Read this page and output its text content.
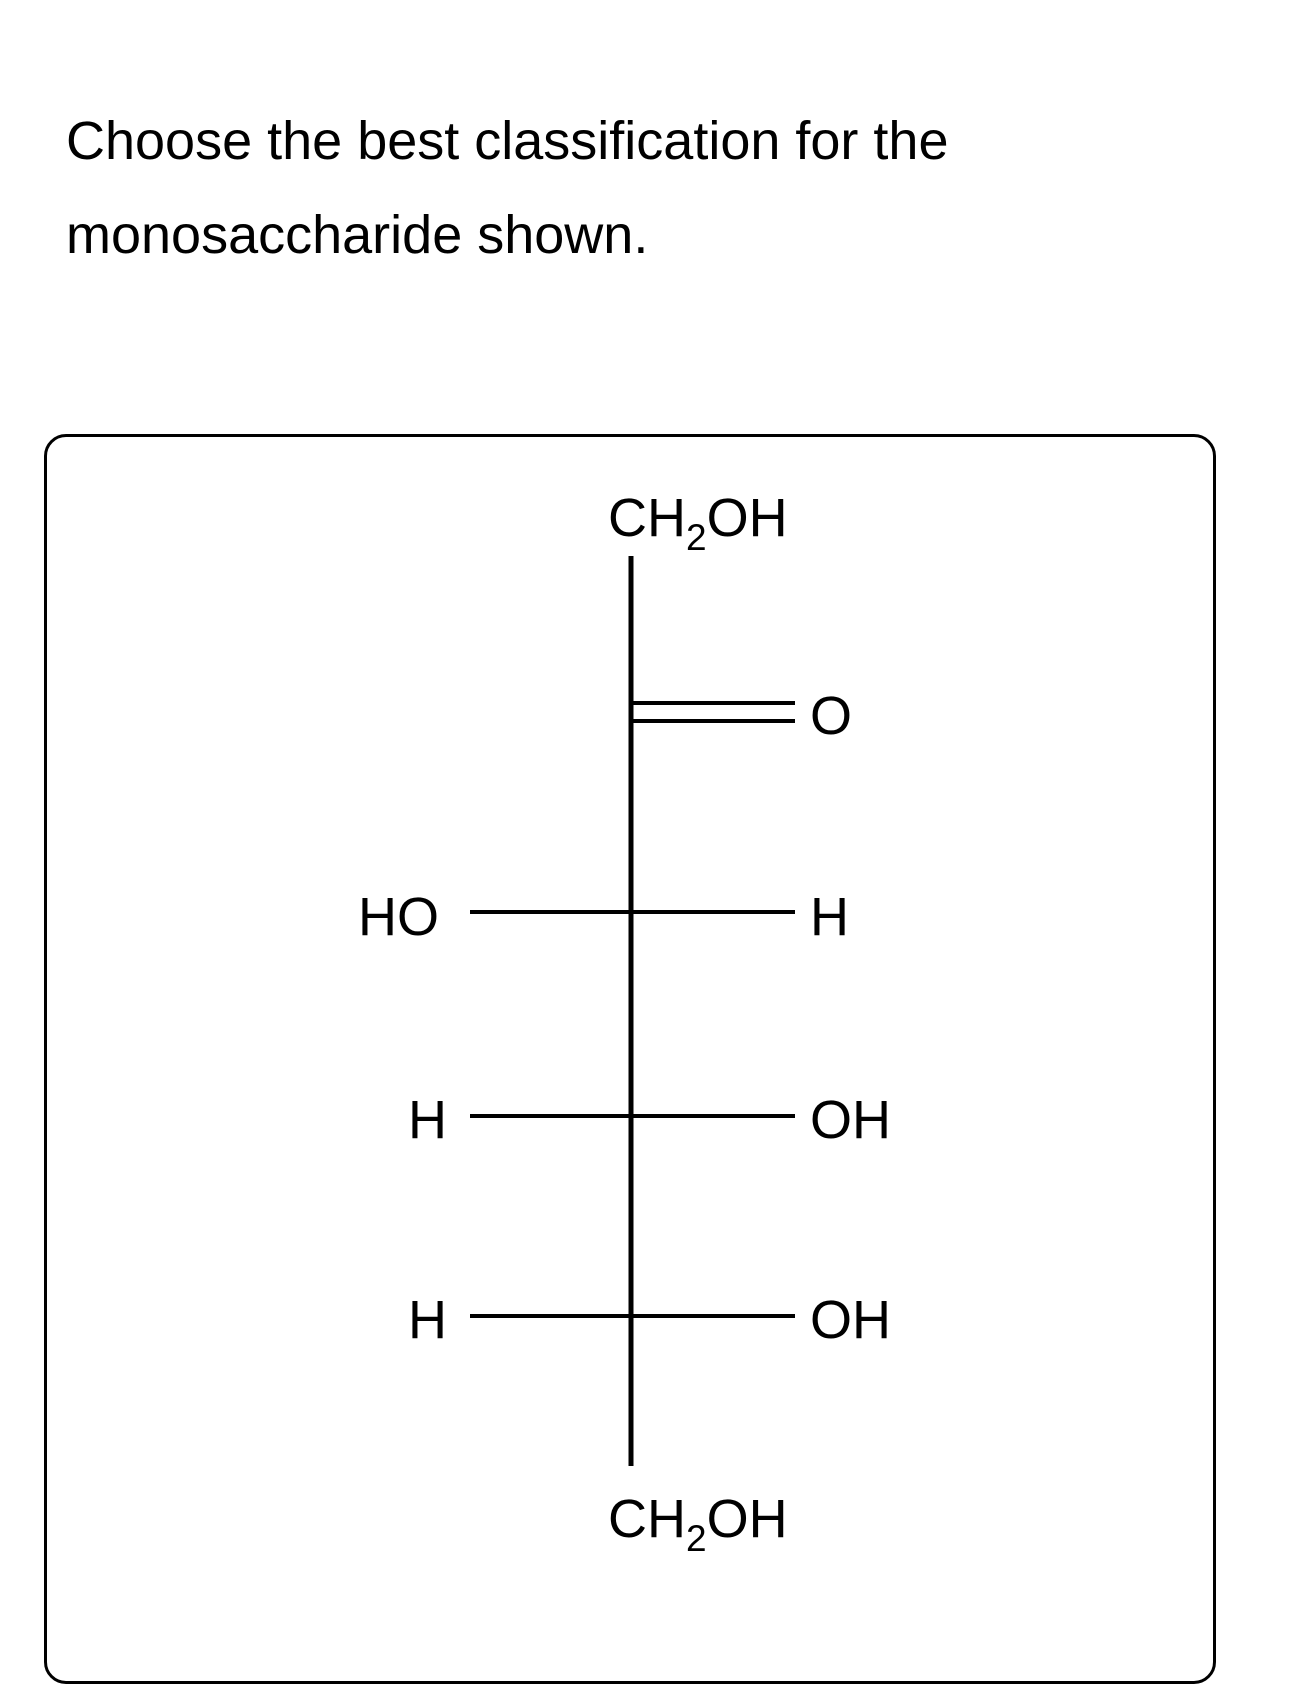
Choose the best classification for the monosaccharide shown.

$CH_2OH$
O
HO	H
H	OH
H	OH
$CH_2OH$
